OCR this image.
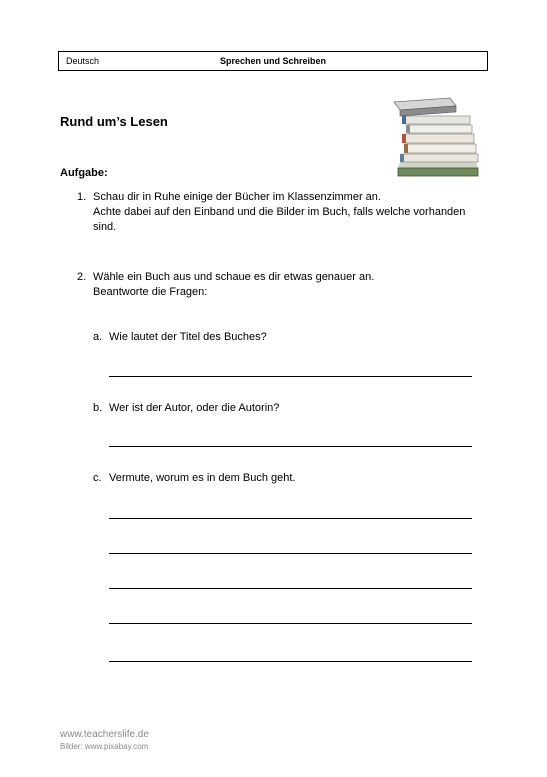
Deutsch	Sprechen und Schreiben
Rund um’s Lesen
Aufgabe:
1. Schau dir in Ruhe einige der Bücher im Klassenzimmer an.
Achte dabei auf den Einband und die Bilder im Buch, falls welche vorhanden
sind.
2. Wähle ein Buch aus und schaue es dir etwas genauer an.
Beantworte die Fragen:
a. Wie lautet der Titel des Buches?
b. Wer ist der Autor, oder die Autorin?
c. Vermute, worum es in dem Buch geht.
www.teacherslife.de
Bilder: www.pixabay.com
